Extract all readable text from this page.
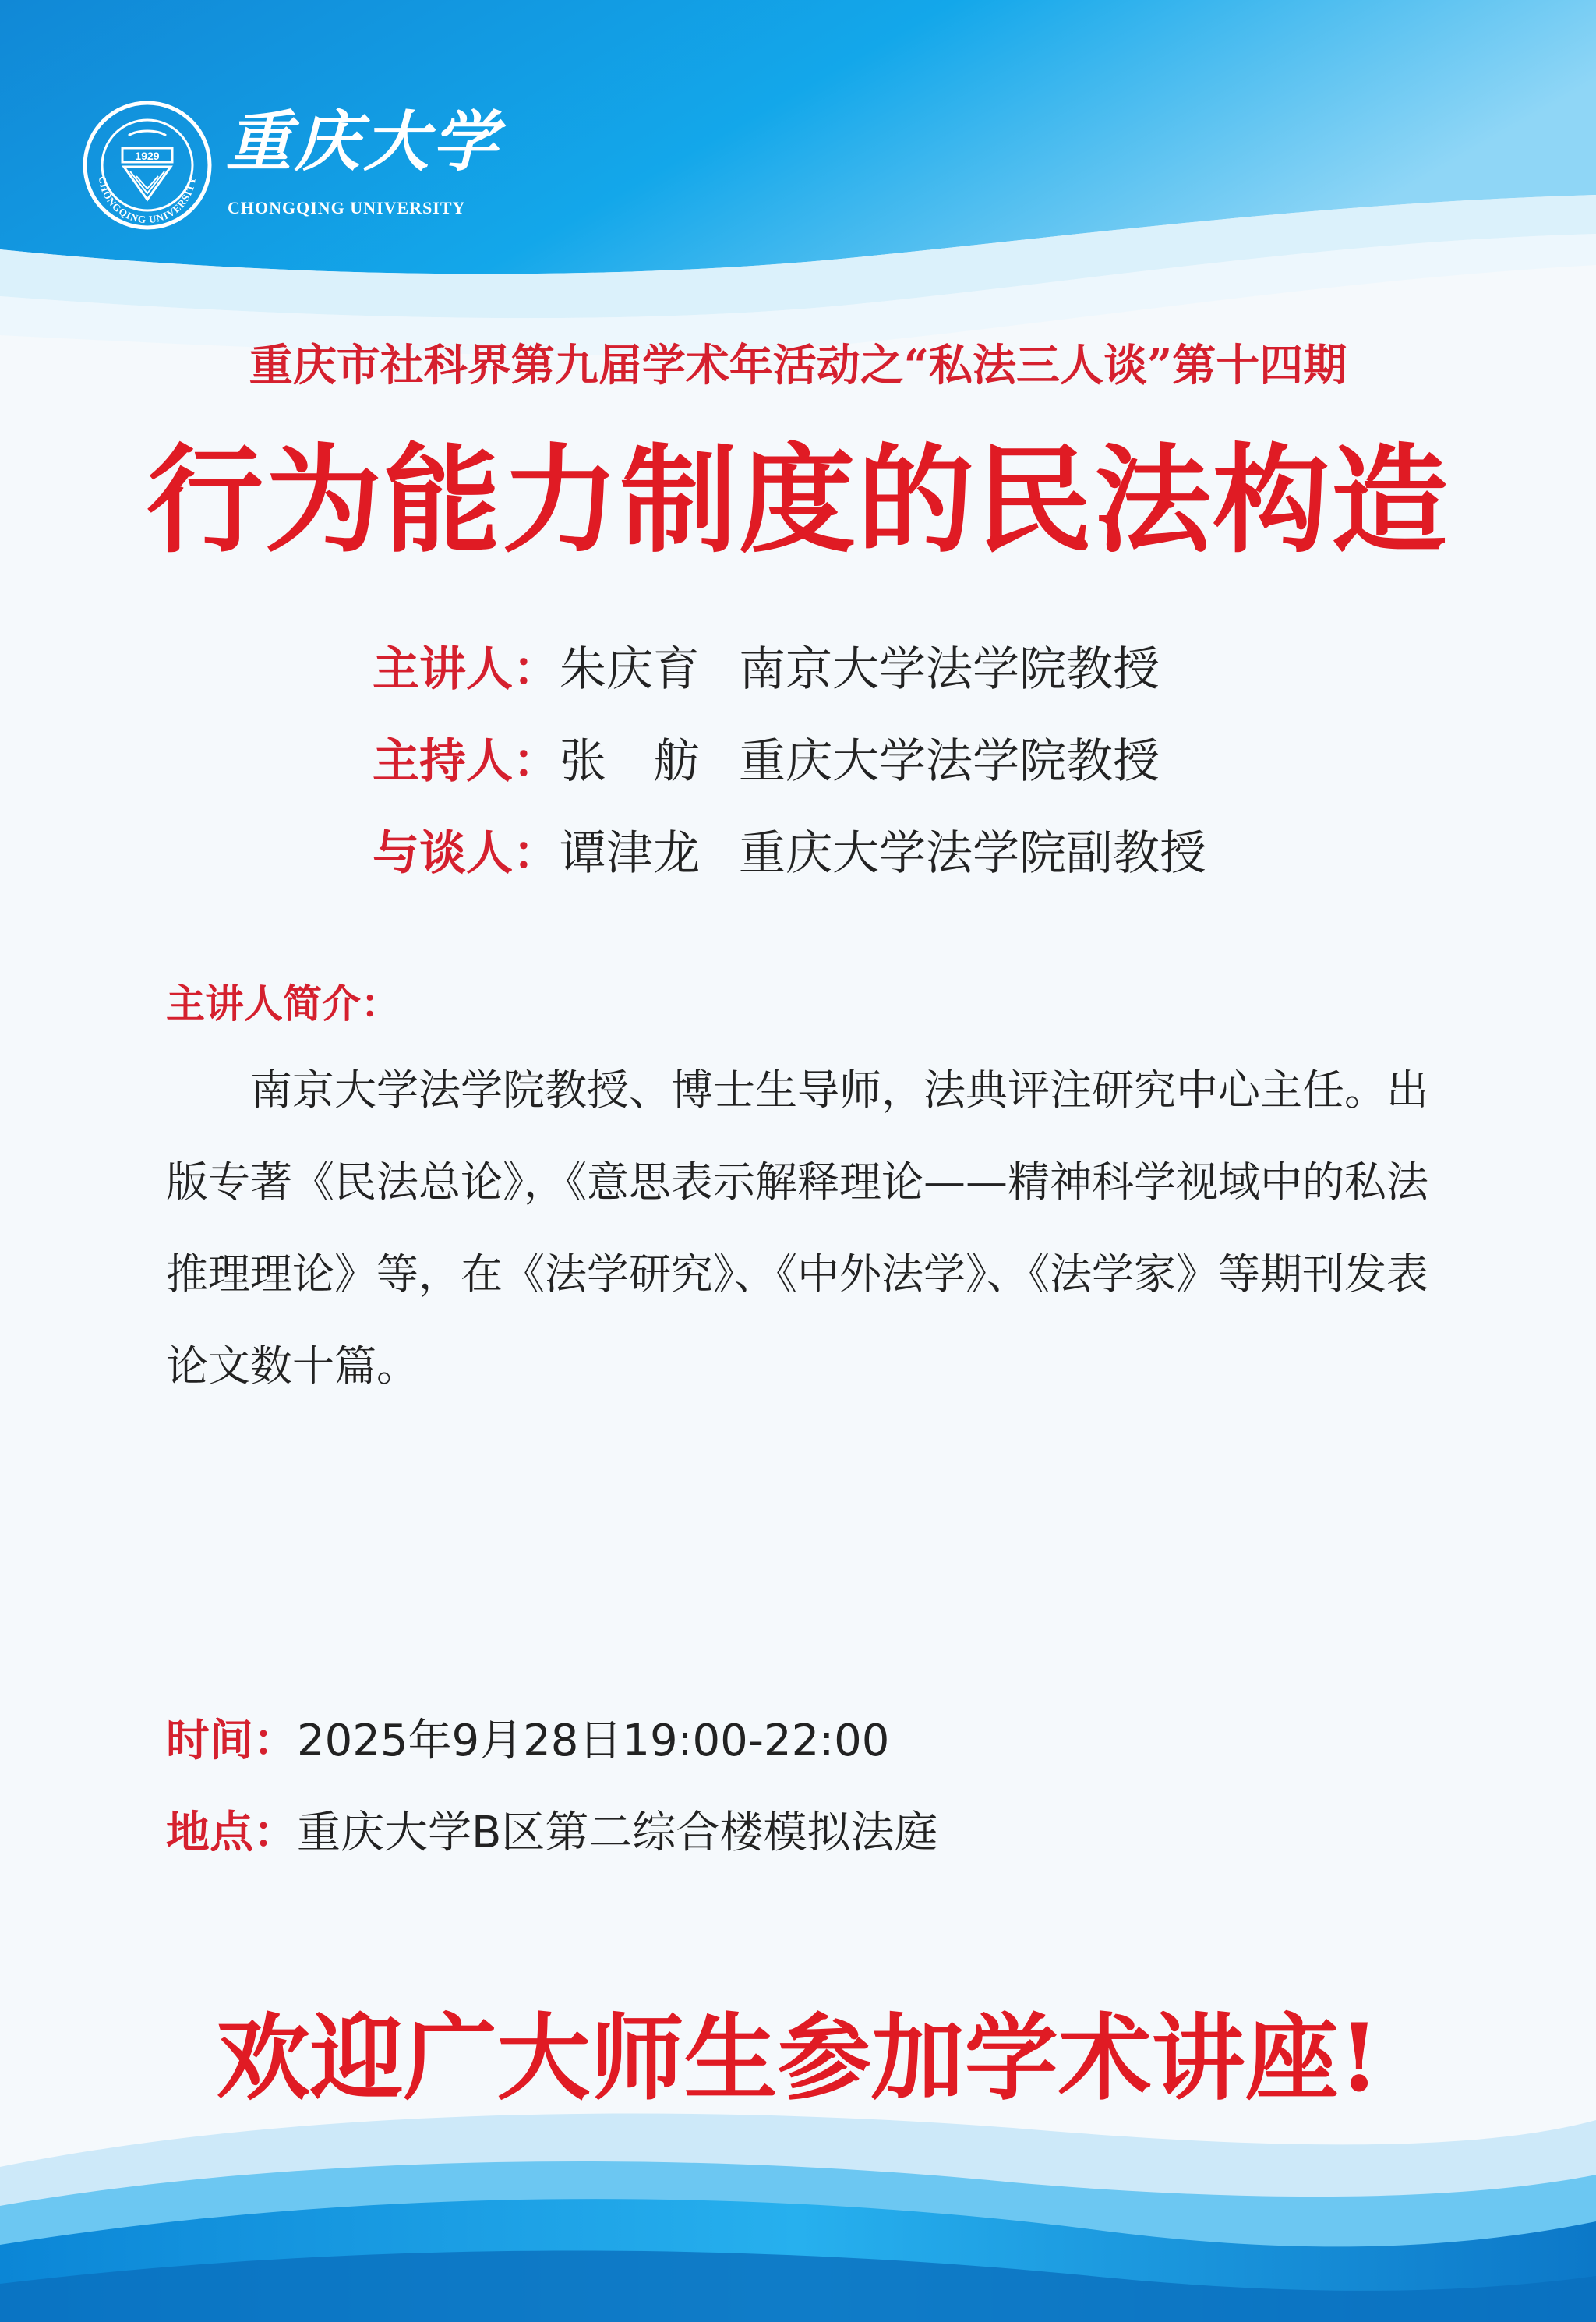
1929
CHONGQING UNIVERSITY
重庆大学
CHONGQING UNIVERSITY
重庆市社科界第九届学术年活动之“私法三人谈”第十四期
行为能力制度的民法构造
主讲人：朱庆育 南京大学法学院教授
主持人：张　舫 重庆大学法学院教授
与谈人：谭津龙 重庆大学法学院副教授
主讲人简介：
南京大学法学院教授、博士生导师，法典评注研究中心主任。出版专著《民法总论》，《意思表示解释理论——精神科学视域中的私法推理理论》等，在《法学研究》、《中外法学》、《法学家》等期刊发表论文数十篇。
时间：2025年9月28日19:00-22:00
地点：重庆大学B区第二综合楼模拟法庭
欢迎广大师生参加学术讲座!
